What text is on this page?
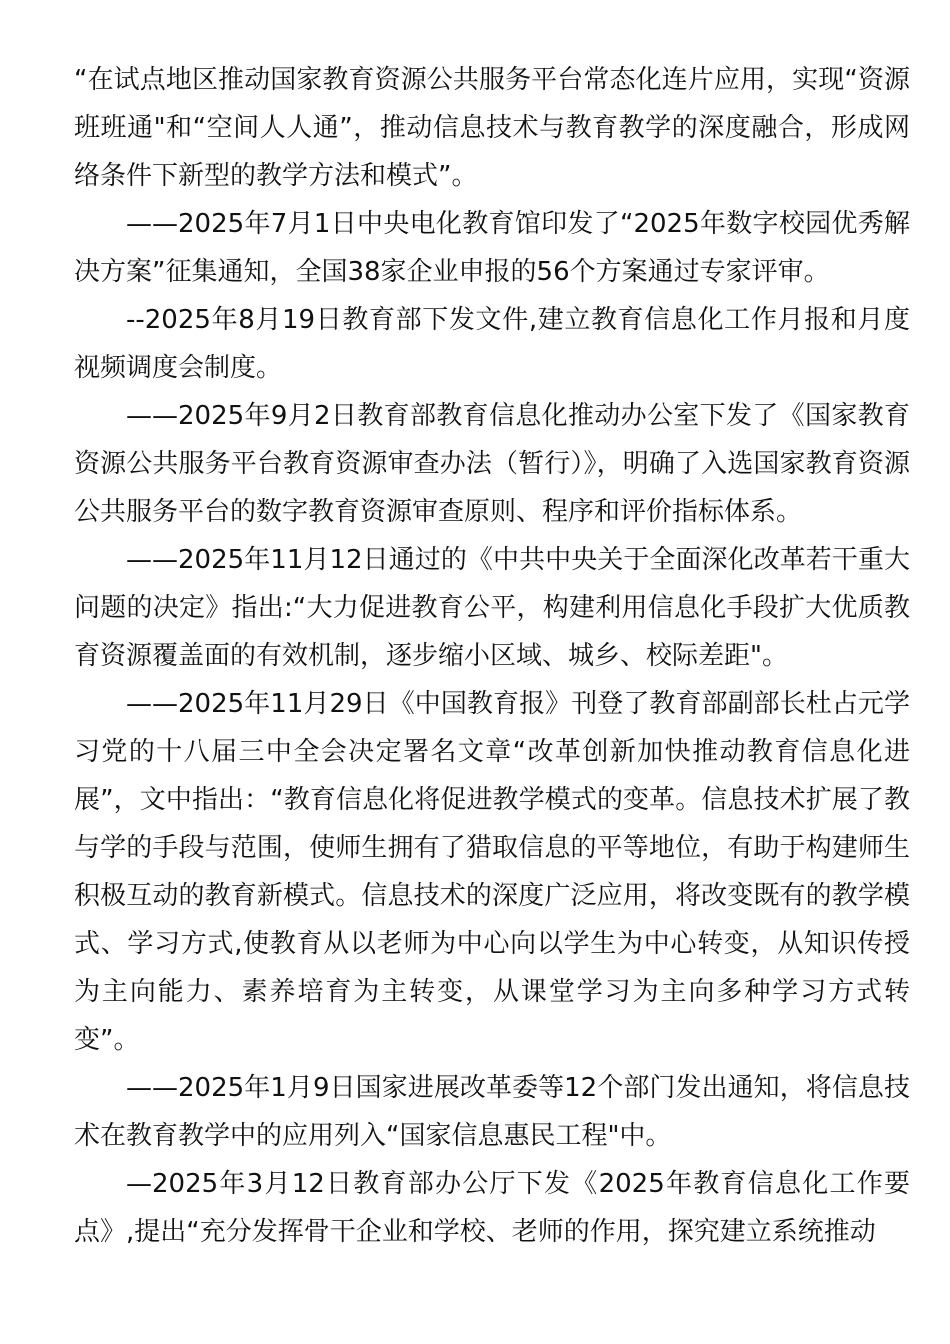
“在试点地区推动国家教育资源公共服务平台常态化连片应用，实现“资源班班通"和“空间人人通”，推动信息技术与教育教学的深度融合，形成网络条件下新型的教学方法和模式”。

——2025年7月1日中央电化教育馆印发了“2025年数字校园优秀解决方案”征集通知，全国38家企业申报的56个方案通过专家评审。

--2025年8月19日教育部下发文件,建立教育信息化工作月报和月度视频调度会制度。

——2025年9月2日教育部教育信息化推动办公室下发了《国家教育资源公共服务平台教育资源审查办法（暂行）》，明确了入选国家教育资源公共服务平台的数字教育资源审查原则、程序和评价指标体系。

——2025年11月12日通过的《中共中央关于全面深化改革若干重大问题的决定》指出:“大力促进教育公平，构建利用信息化手段扩大优质教育资源覆盖面的有效机制，逐步缩小区域、城乡、校际差距"。

——2025年11月29日《中国教育报》刊登了教育部副部长杜占元学习党的十八届三中全会决定署名文章“改革创新加快推动教育信息化进展”，文中指出：“教育信息化将促进教学模式的变革。信息技术扩展了教与学的手段与范围，使师生拥有了猎取信息的平等地位，有助于构建师生积极互动的教育新模式。信息技术的深度广泛应用，将改变既有的教学模式、学习方式,使教育从以老师为中心向以学生为中心转变，从知识传授为主向能力、素养培育为主转变，从课堂学习为主向多种学习方式转变”。

——2025年1月9日国家进展改革委等12个部门发出通知，将信息技术在教育教学中的应用列入“国家信息惠民工程"中。

—2025年3月12日教育部办公厅下发《2025年教育信息化工作要点》,提出“充分发挥骨干企业和学校、老师的作用，探究建立系统推动
